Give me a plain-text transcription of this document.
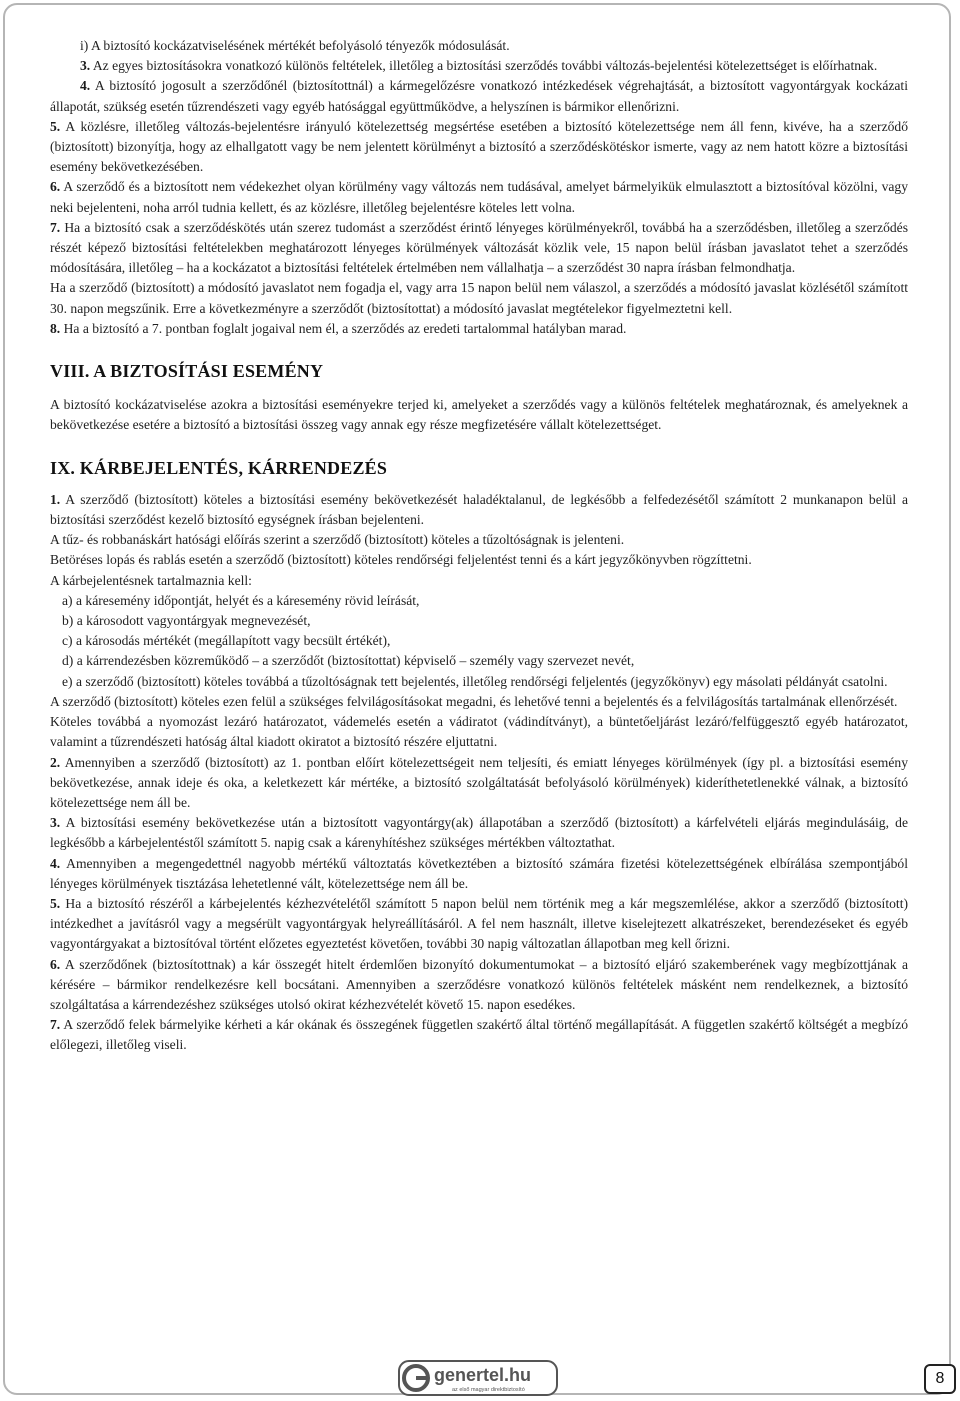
i) A biztosító kockázatviselésének mértékét befolyásoló tényezők módosulását.

3. Az egyes biztosításokra vonatkozó különös feltételek, illetőleg a biztosítási szerződés további változás-bejelentési kötelezettséget is előírhatnak.

4. A biztosító jogosult a szerződőnél (biztosítottnál) a kármegelőzésre vonatkozó intézkedések végrehajtását, a biztosított vagyontárgyak kockázati állapotát, szükség esetén tűzrendészeti vagy egyéb hatósággal együttműködve, a helyszínen is bármikor ellenőrizni.

5. A közlésre, illetőleg változás-bejelentésre irányuló kötelezettség megsértése esetében a biztosító kötelezettsége nem áll fenn, kivéve, ha a szerződő (biztosított) bizonyítja, hogy az elhallgatott vagy be nem jelentett körülményt a biztosító a szerződéskötéskor ismerte, vagy az nem hatott közre a biztosítási esemény bekövetkezésében.

6. A szerződő és a biztosított nem védekezhet olyan körülmény vagy változás nem tudásával, amelyet bármelyikük elmulasztott a biztosítóval közölni, vagy neki bejelenteni, noha arról tudnia kellett, és az közlésre, illetőleg bejelentésre köteles lett volna.

7. Ha a biztosító csak a szerződéskötés után szerez tudomást a szerződést érintő lényeges körülményekről, továbbá ha a szerződésben, illetőleg a szerződés részét képező biztosítási feltételekben meghatározott lényeges körülmények változását közlik vele, 15 napon belül írásban javaslatot tehet a szerződés módosítására, illetőleg – ha a kockázatot a biztosítási feltételek értelmében nem vállalhatja – a szerződést 30 napra írásban felmondhatja.

Ha a szerződő (biztosított) a módosító javaslatot nem fogadja el, vagy arra 15 napon belül nem válaszol, a szerződés a módosító javaslat közlésétől számított 30. napon megszűnik. Erre a következményre a szerződőt (biztosítottat) a módosító javaslat megtételekor figyelmeztetni kell.

8. Ha a biztosító a 7. pontban foglalt jogaival nem él, a szerződés az eredeti tartalommal hatályban marad.

VIII. A BIZTOSÍTÁSI ESEMÉNY

A biztosító kockázatviselése azokra a biztosítási eseményekre terjed ki, amelyeket a szerződés vagy a különös feltételek meghatároznak, és amelyeknek a bekövetkezése esetére a biztosító a biztosítási összeg vagy annak egy része megfizetésére vállalt kötelezettséget.

IX. KÁRBEJELENTÉS, KÁRRENDEZÉS

1. A szerződő (biztosított) köteles a biztosítási esemény bekövetkezését haladéktalanul, de legkésőbb a felfedezésétől számított 2 munkanapon belül a biztosítási szerződést kezelő biztosító egységnek írásban bejelenteni.

A tűz- és robbanáskárt hatósági előírás szerint a szerződő (biztosított) köteles a tűzoltóságnak is jelenteni.

Betöréses lopás és rablás esetén a szerződő (biztosított) köteles rendőrségi feljelentést tenni és a kárt jegyzőkönyvben rögzíttetni.

A kárbejelentésnek tartalmaznia kell:

a) a káresemény időpontját, helyét és a káresemény rövid leírását,

b) a károsodott vagyontárgyak megnevezését,

c) a károsodás mértékét (megállapított vagy becsült értékét),

d) a kárrendezésben közreműködő – a szerződőt (biztosítottat) képviselő – személy vagy szervezet nevét,

e) a szerződő (biztosított) köteles továbbá a tűzoltóságnak tett bejelentés, illetőleg rendőrségi feljelentés (jegyzőkönyv) egy másolati példányát csatolni.

A szerződő (biztosított) köteles ezen felül a szükséges felvilágosításokat megadni, és lehetővé tenni a bejelentés és a felvilágosítás tartalmának ellenőrzését.

Köteles továbbá a nyomozást lezáró határozatot, vádemelés esetén a vádiratot (vádindítványt), a büntetőeljárást lezáró/felfüggesztő egyéb határozatot, valamint a tűzrendészeti hatóság által kiadott okiratot a biztosító részére eljuttatni.

2. Amennyiben a szerződő (biztosított) az 1. pontban előírt kötelezettségeit nem teljesíti, és emiatt lényeges körülmények (így pl. a biztosítási esemény bekövetkezése, annak ideje és oka, a keletkezett kár mértéke, a biztosító szolgáltatását befolyásoló körülmények) kideríthetetlenekké válnak, a biztosító kötelezettsége nem áll be.

3. A biztosítási esemény bekövetkezése után a biztosított vagyontárgy(ak) állapotában a szerződő (biztosított) a kárfelvételi eljárás megindulásáig, de legkésőbb a kárbejelentéstől számított 5. napig csak a kárenyhítéshez szükséges mértékben változtathat.

4. Amennyiben a megengedettnél nagyobb mértékű változtatás következtében a biztosító számára fizetési kötelezettségének elbírálása szempontjából lényeges körülmények tisztázása lehetetlenné vált, kötelezettsége nem áll be.

5. Ha a biztosító részéről a kárbejelentés kézhezvételétől számított 5 napon belül nem történik meg a kár megszemlélése, akkor a szerződő (biztosított) intézkedhet a javításról vagy a megsérült vagyontárgyak helyreállításáról. A fel nem használt, illetve kiselejtezett alkatrészeket, berendezéseket és egyéb vagyontárgyakat a biztosítóval történt előzetes egyeztetést követően, további 30 napig változatlan állapotban meg kell őrizni.

6. A szerződőnek (biztosítottnak) a kár összegét hitelt érdemlően bizonyító dokumentumokat – a biztosító eljáró szakemberének vagy megbízottjának a kérésére – bármikor rendelkezésre kell bocsátani. Amennyiben a szerződésre vonatkozó különös feltételek másként nem rendelkeznek, a biztosító szolgáltatása a kárrendezéshez szükséges utolsó okirat kézhezvételét követő 15. napon esedékes.

7. A szerződő felek bármelyike kérheti a kár okának és összegének független szakértő által történő megállapítását. A független szakértő költségét a megbízó előlegezi, illetőleg viseli.

genertel.hu
az első magyar direktbiztosító
8
